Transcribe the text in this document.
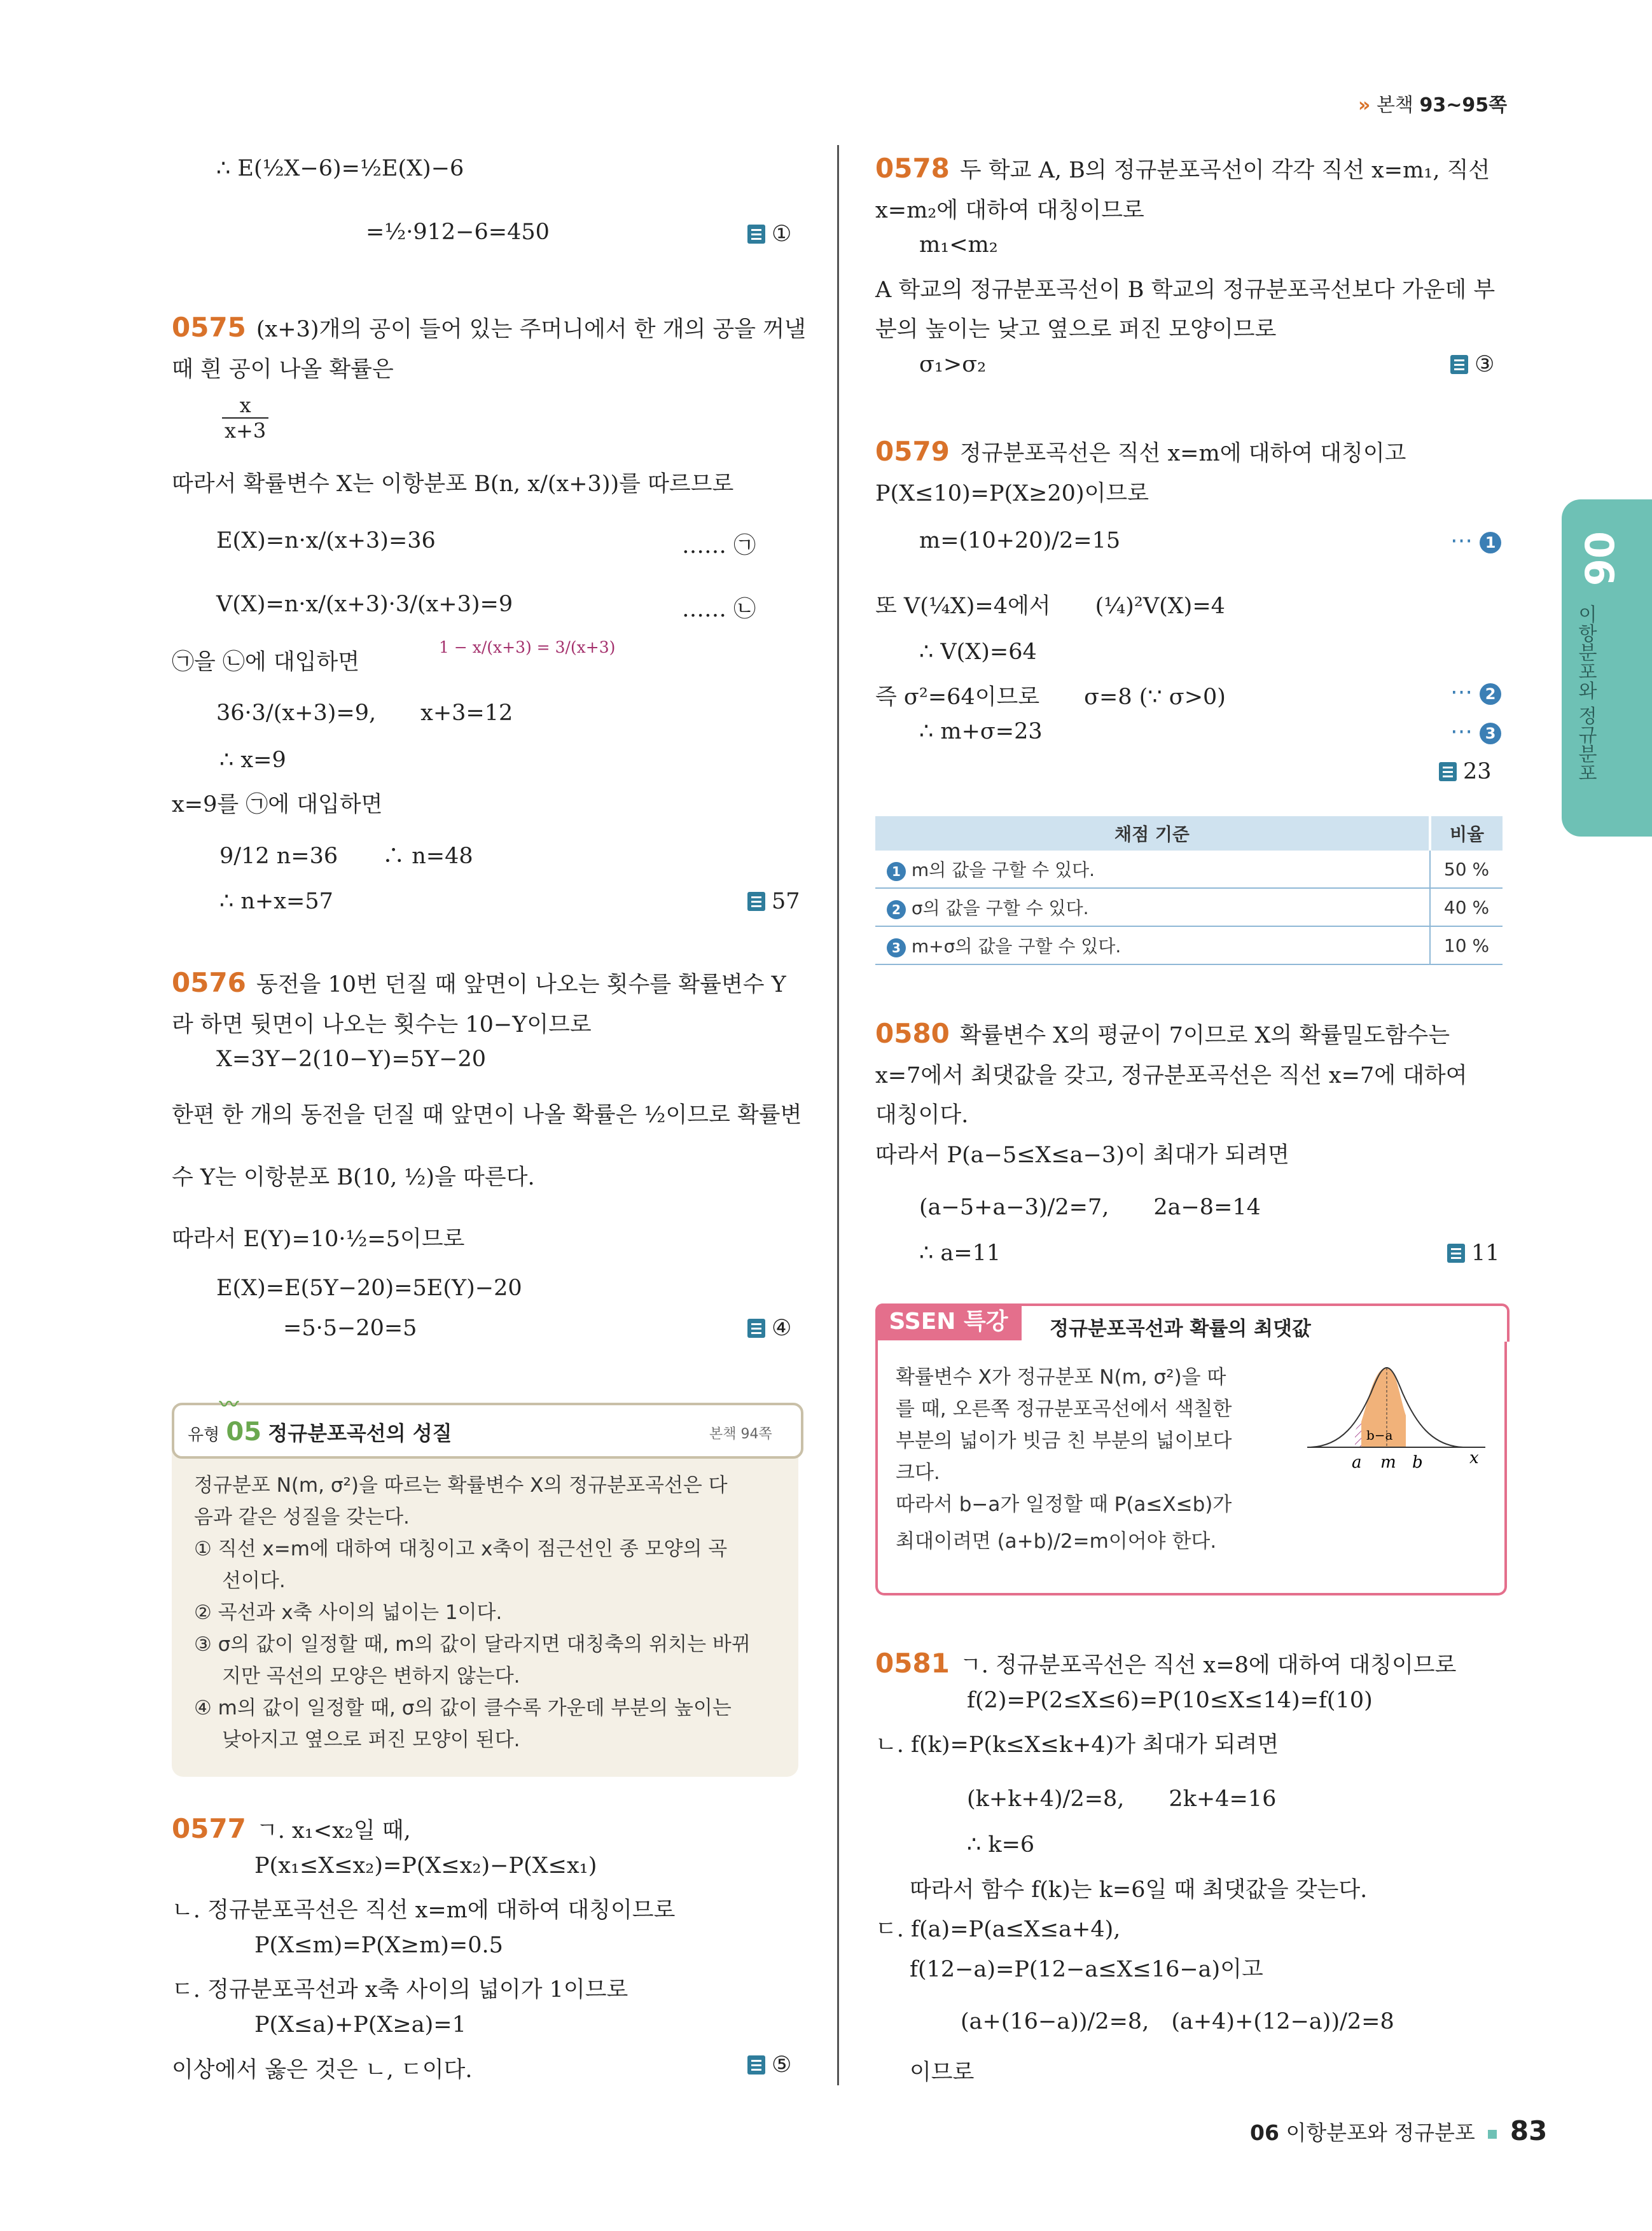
» 본책 93~95쪽
06
이항분포와 정규분포
∴ E(½X−6)=½E(X)−6
=½·912−6=450	①
0575 (x+3)개의 공이 들어 있는 주머니에서 한 개의 공을 꺼낼
때 흰 공이 나올 확률은
$\frac{x}{x+3}$
따라서 확률변수 X는 이항분포 B(n, x/(x+3))를 따르므로
E(X)=n·x/(x+3)=36	…… ㉠
V(X)=n·x/(x+3)·3/(x+3)=9	…… ㉡
1 − x/(x+3) = 3/(x+3)
㉠을 ㉡에 대입하면
36·3/(x+3)=9,　　x+3=12
∴ x=9
x=9를 ㉠에 대입하면
9/12 n=36　　∴ n=48
∴ n+x=57	57
0576 동전을 10번 던질 때 앞면이 나오는 횟수를 확률변수 Y
라 하면 뒷면이 나오는 횟수는 10−Y이므로
X=3Y−2(10−Y)=5Y−20
한편 한 개의 동전을 던질 때 앞면이 나올 확률은 ½이므로 확률변
수 Y는 이항분포 B(10, ½)을 따른다.
따라서 E(Y)=10·½=5이므로
E(X)=E(5Y−20)=5E(Y)−20
=5·5−20=5	④
〰
유형 05 정규분포곡선의 성질	본책 94쪽
정규분포 N(m, σ²)을 따르는 확률변수 X의 정규분포곡선은 다
음과 같은 성질을 갖는다.
① 직선 x=m에 대하여 대칭이고 x축이 점근선인 종 모양의 곡
선이다.
② 곡선과 x축 사이의 넓이는 1이다.
③ σ의 값이 일정할 때, m의 값이 달라지면 대칭축의 위치는 바뀌
지만 곡선의 모양은 변하지 않는다.
④ m의 값이 일정할 때, σ의 값이 클수록 가운데 부분의 높이는
낮아지고 옆으로 퍼진 모양이 된다.
0577 ㄱ. x₁<x₂일 때,
P(x₁≤X≤x₂)=P(X≤x₂)−P(X≤x₁)
ㄴ. 정규분포곡선은 직선 x=m에 대하여 대칭이므로
P(X≤m)=P(X≥m)=0.5
ㄷ. 정규분포곡선과 x축 사이의 넓이가 1이므로
P(X≤a)+P(X≥a)=1
이상에서 옳은 것은 ㄴ, ㄷ이다.	⑤
0578 두 학교 A, B의 정규분포곡선이 각각 직선 x=m₁, 직선
x=m₂에 대하여 대칭이므로
m₁<m₂
A 학교의 정규분포곡선이 B 학교의 정규분포곡선보다 가운데 부
분의 높이는 낮고 옆으로 퍼진 모양이므로
σ₁>σ₂	③
0579 정규분포곡선은 직선 x=m에 대하여 대칭이고
P(X≤10)=P(X≥20)이므로
m=(10+20)/2=15	⋯ 1
또 V(¼X)=4에서　　(¼)²V(X)=4
∴ V(X)=64
즉 σ²=64이므로　　σ=8 (∵ σ>0)	⋯ 2
∴ m+σ=23	⋯ 3
23
채점 기준	비율
1 m의 값을 구할 수 있다.	50 %
2 σ의 값을 구할 수 있다.	40 %
3 m+σ의 값을 구할 수 있다.	10 %
0580 확률변수 X의 평균이 7이므로 X의 확률밀도함수는
x=7에서 최댓값을 갖고, 정규분포곡선은 직선 x=7에 대하여
대칭이다.
따라서 P(a−5≤X≤a−3)이 최대가 되려면
(a−5+a−3)/2=7,　　2a−8=14
∴ a=11	11
SSEN 특강	정규분포곡선과 확률의 최댓값
확률변수 X가 정규분포 N(m, σ²)을 따
를 때, 오른쪽 정규분포곡선에서 색칠한
부분의 넓이가 빗금 친 부분의 넓이보다
크다.
따라서 b−a가 일정할 때 P(a≤X≤b)가
최대이려면 (a+b)/2=m이어야 한다.
a m b	x
b−a
0581 ㄱ. 정규분포곡선은 직선 x=8에 대하여 대칭이므로
f(2)=P(2≤X≤6)=P(10≤X≤14)=f(10)
ㄴ. f(k)=P(k≤X≤k+4)가 최대가 되려면
(k+k+4)/2=8,　　2k+4=16
∴ k=6
따라서 함수 f(k)는 k=6일 때 최댓값을 갖는다.
ㄷ. f(a)=P(a≤X≤a+4),
f(12−a)=P(12−a≤X≤16−a)이고
(a+(16−a))/2=8,　(a+4)+(12−a))/2=8
이므로
06 이항분포와 정규분포 83
